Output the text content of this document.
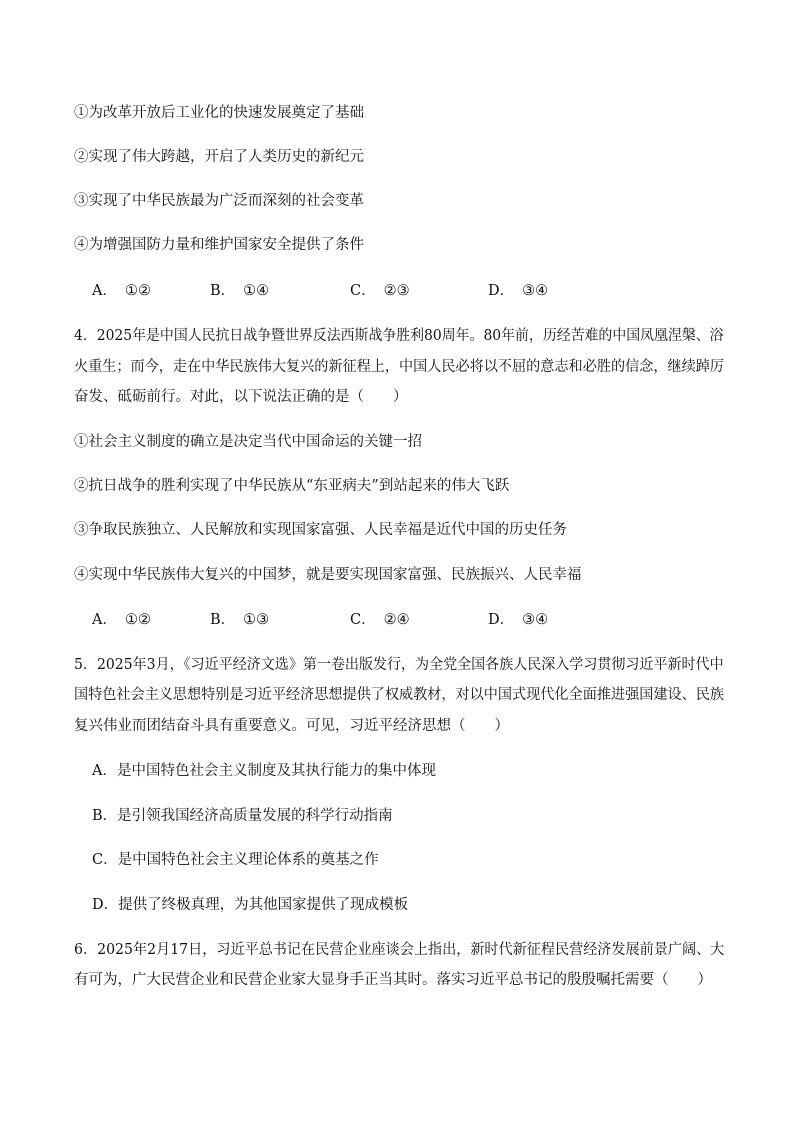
①为改革开放后工业化的快速发展奠定了基础
②实现了伟大跨越，开启了人类历史的新纪元
③实现了中华民族最为广泛而深刻的社会变革
④为增强国防力量和维护国家安全提供了条件
A． ①②	B． ①④	C． ②③	D． ③④
4．2025年是中国人民抗日战争暨世界反法西斯战争胜利80周年。80年前，历经苦难的中国凤凰涅槃、浴
火重生；而今，走在中华民族伟大复兴的新征程上，中国人民必将以不屈的意志和必胜的信念，继续踔厉
奋发、砥砺前行。对此，以下说法正确的是（　　）
①社会主义制度的确立是决定当代中国命运的关键一招
②抗日战争的胜利实现了中华民族从“东亚病夫”到站起来的伟大飞跃
③争取民族独立、人民解放和实现国家富强、人民幸福是近代中国的历史任务
④实现中华民族伟大复兴的中国梦，就是要实现国家富强、民族振兴、人民幸福
A． ①②	B． ①③	C． ②④	D． ③④
5．2025年3月，《习近平经济文选》第一卷出版发行，为全党全国各族人民深入学习贯彻习近平新时代中
国特色社会主义思想特别是习近平经济思想提供了权威教材，对以中国式现代化全面推进强国建设、民族
复兴伟业而团结奋斗具有重要意义。可见，习近平经济思想（　　）
A．是中国特色社会主义制度及其执行能力的集中体现
B．是引领我国经济高质量发展的科学行动指南
C．是中国特色社会主义理论体系的奠基之作
D．提供了终极真理，为其他国家提供了现成模板
6．2025年2月17日，习近平总书记在民营企业座谈会上指出，新时代新征程民营经济发展前景广阔、大
有可为，广大民营企业和民营企业家大显身手正当其时。落实习近平总书记的殷殷嘱托需要（　　）
